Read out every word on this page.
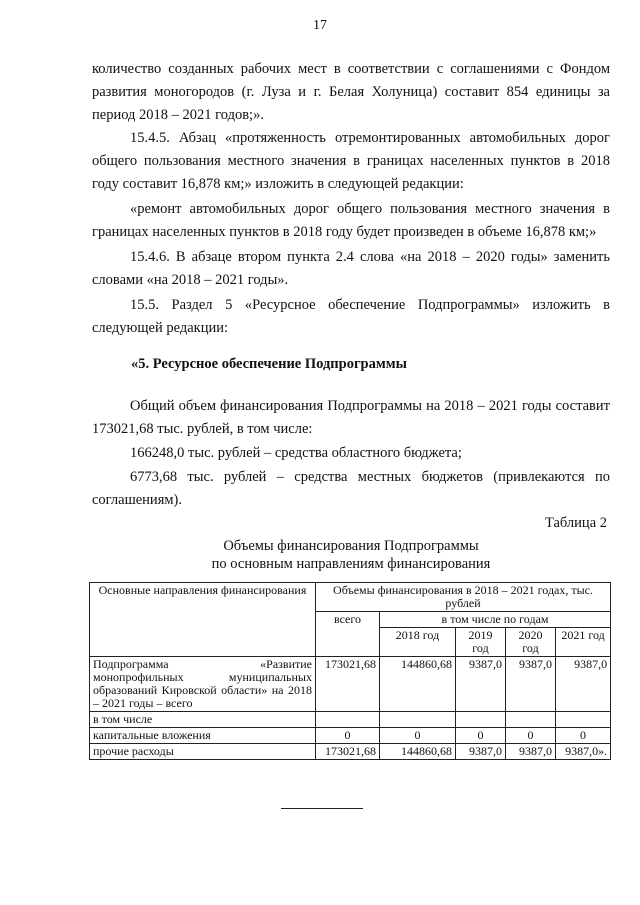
17

количество созданных рабочих мест в соответствии с соглашениями с Фондом развития моногородов (г. Луза и г. Белая Холуница) составит 854 единицы за период 2018 – 2021 годов;».

15.4.5. Абзац «протяженность отремонтированных автомобильных дорог общего пользования местного значения в границах населенных пунктов в 2018 году составит 16,878 км;» изложить в следующей редакции:

«ремонт автомобильных дорог общего пользования местного значения в границах населенных пунктов в 2018 году будет произведен в объеме 16,878 км;»

15.4.6. В абзаце втором пункта 2.4 слова «на 2018 – 2020 годы» заменить словами «на 2018 – 2021 годы».

15.5. Раздел 5 «Ресурсное обеспечение Подпрограммы» изложить в следующей редакции:

«5. Ресурсное обеспечение Подпрограммы

Общий объем финансирования Подпрограммы на 2018 – 2021 годы составит 173021,68 тыс. рублей, в том числе:

166248,0 тыс. рублей – средства областного бюджета;

6773,68 тыс. рублей – средства местных бюджетов (привлекаются по соглашениям).

Таблица 2
Объемы финансирования Подпрограммы
по основным направлениям финансирования
Основные направления финансирования	Объемы финансирования в 2018 – 2021 годах, тыс. рублей				
	всего	в том числе по годам			
		2018 год	2019 год	2020 год	2021 год
Подпрограмма «Развитие монопрофильных муниципальных образований Кировской области» на 2018 – 2021 годы – всего	173021,68	144860,68	9387,0	9387,0	9387,0
в том числе					
капитальные вложения	0	0	0	0	0
прочие расходы	173021,68	144860,68	9387,0	9387,0	9387,0».
